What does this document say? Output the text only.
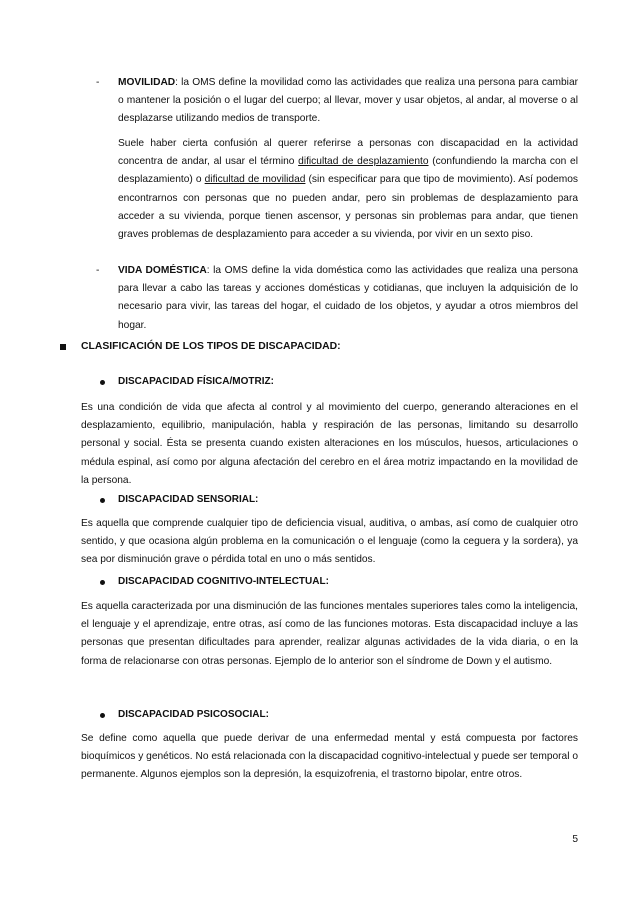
- MOVILIDAD: la OMS define la movilidad como las actividades que realiza una persona para cambiar o mantener la posición o el lugar del cuerpo; al llevar, mover y usar objetos, al andar, al moverse o al desplazarse utilizando medios de transporte.

Suele haber cierta confusión al querer referirse a personas con discapacidad en la actividad concentra de andar, al usar el término dificultad de desplazamiento (confundiendo la marcha con el desplazamiento) o dificultad de movilidad (sin especificar para que tipo de movimiento). Así podemos encontrarnos con personas que no pueden andar, pero sin problemas de desplazamiento para acceder a su vivienda, porque tienen ascensor, y personas sin problemas para andar, que tienen graves problemas de desplazamiento para acceder a su vivienda, por vivir en un sexto piso.

- VIDA DOMÉSTICA: la OMS define la vida doméstica como las actividades que realiza una persona para llevar a cabo las tareas y acciones domésticas y cotidianas, que incluyen la adquisición de lo necesario para vivir, las tareas del hogar, el cuidado de los objetos, y ayudar a otros miembros del hogar.

CLASIFICACIÓN DE LOS TIPOS DE DISCAPACIDAD:
DISCAPACIDAD FÍSICA/MOTRIZ:

Es una condición de vida que afecta al control y al movimiento del cuerpo, generando alteraciones en el desplazamiento, equilibrio, manipulación, habla y respiración de las personas, limitando su desarrollo personal y social. Ésta se presenta cuando existen alteraciones en los músculos, huesos, articulaciones o médula espinal, así como por alguna afectación del cerebro en el área motriz impactando en la movilidad de la persona.

DISCAPACIDAD SENSORIAL:

Es aquella que comprende cualquier tipo de deficiencia visual, auditiva, o ambas, así como de cualquier otro sentido, y que ocasiona algún problema en la comunicación o el lenguaje (como la ceguera y la sordera), ya sea por disminución grave o pérdida total en uno o más sentidos.

DISCAPACIDAD COGNITIVO-INTELECTUAL:

Es aquella caracterizada por una disminución de las funciones mentales superiores tales como la inteligencia, el lenguaje y el aprendizaje, entre otras, así como de las funciones motoras. Esta discapacidad incluye a las personas que presentan dificultades para aprender, realizar algunas actividades de la vida diaria, o en la forma de relacionarse con otras personas. Ejemplo de lo anterior son el síndrome de Down y el autismo.

DISCAPACIDAD PSICOSOCIAL:

Se define como aquella que puede derivar de una enfermedad mental y está compuesta por factores bioquímicos y genéticos. No está relacionada con la discapacidad cognitivo-intelectual y puede ser temporal o permanente. Algunos ejemplos son la depresión, la esquizofrenia, el trastorno bipolar, entre otros.

5
